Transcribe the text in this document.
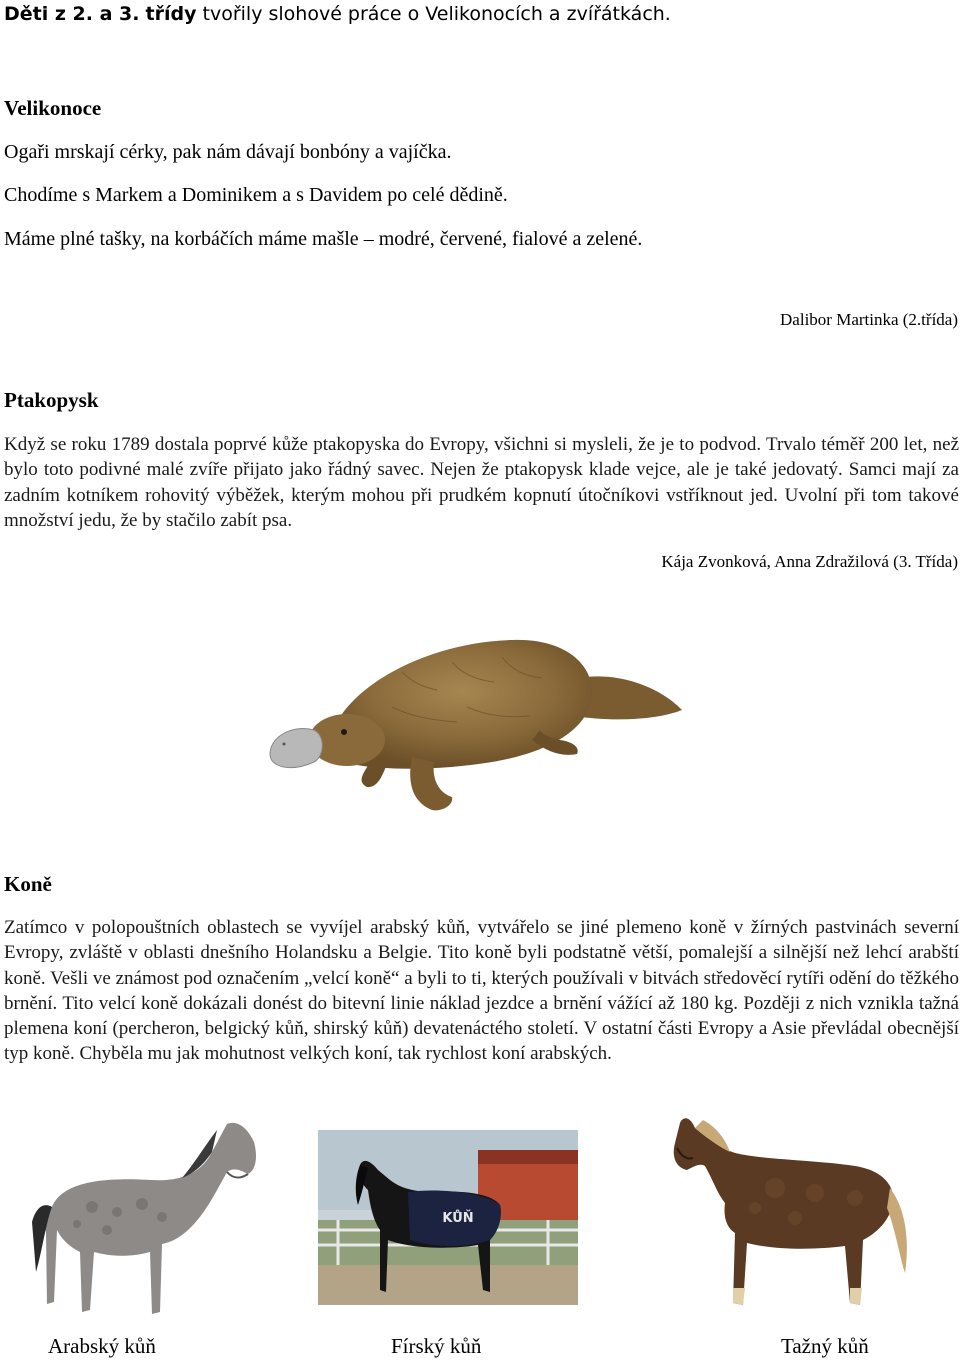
Děti z 2. a 3. třídy tvořily slohové práce o Velikonocích a zvířátkách.
Velikonoce
Ogaři mrskají cérky, pak nám dávají bonbóny a vajíčka.
Chodíme s Markem a Dominikem a s Davidem po celé dědině.
Máme plné tašky, na korbáčích máme mašle – modré, červené, fialové a zelené.
Dalibor Martinka (2.třída)
Ptakopysk
Když se roku 1789 dostala poprvé kůže ptakopyska do Evropy, všichni si mysleli, že je to podvod. Trvalo téměř 200 let, než bylo toto podivné malé zvíře přijato jako řádný savec. Nejen že ptakopysk klade vejce, ale je také jedovatý. Samci mají za zadním kotníkem rohovitý výběžek, kterým mohou při prudkém kopnutí útočníkovi vstříknout jed. Uvolní při tom takové množství jedu, že by stačilo zabít psa.
Kája Zvonková, Anna Zdražilová (3. Třída)
Koně
Zatímco v polopouštních oblastech se vyvíjel arabský kůň, vytvářelo se jiné plemeno koně v žírných pastvinách severní Evropy, zvláště v oblasti dnešního Holandsku a Belgie. Tito koně byli podstatně větší, pomalejší a silnější než lehcí arabští koně. Vešli ve známost pod označením „velcí koně“ a byli to ti, kterých používali v bitvách středověcí rytíři odění do těžkého brnění. Tito velcí koně dokázali donést do bitevní linie náklad jezdce a brnění vážící až 180 kg. Později z nich vznikla tažná plemena koní (percheron, belgický kůň, shirský kůň) devatenáctého století. V ostatní části Evropy a Asie převládal obecnější typ koně. Chyběla mu jak mohutnost velkých koní, tak rychlost koní arabských.
KŮŇ
Arabský kůň	Fírský kůň	Tažný kůň
